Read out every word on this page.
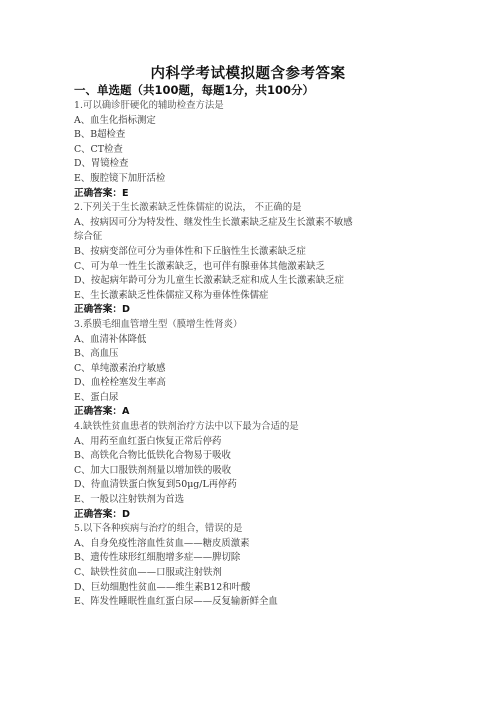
内科学考试模拟题含参考答案
一、单选题（共100题，每题1分，共100分）
1.可以确诊肝硬化的辅助检查方法是
A、血生化指标测定
B、B超检查
C、CT检查
D、胃镜检查
E、腹腔镜下加肝活检
正确答案：E
2.下列关于生长激素缺乏性侏儒症的说法， 不正确的是
A、按病因可分为特发性、继发性生长激素缺乏症及生长激素不敏感
综合征
B、按病变部位可分为垂体性和下丘脑性生长激素缺乏症
C、可为单一性生长激素缺乏，也可伴有腺垂体其他激素缺乏
D、按起病年龄可分为儿童生长激素缺乏症和成人生长激素缺乏症
E、生长激素缺乏性侏儒症又称为垂体性侏儒症
正确答案：D
3.系膜毛细血管增生型（膜增生性肾炎）
A、血清补体降低
B、高血压
C、单纯激素治疗敏感
D、血栓栓塞发生率高
E、蛋白尿
正确答案：A
4.缺铁性贫血患者的铁剂治疗方法中以下最为合适的是
A、用药至血红蛋白恢复正常后停药
B、高铁化合物比低铁化合物易于吸收
C、加大口服铁剂剂量以增加铁的吸收
D、待血清铁蛋白恢复到50μg/L再停药
E、一般以注射铁剂为首选
正确答案：D
5.以下各种疾病与治疗的组合，错误的是
A、自身免疫性溶血性贫血——糖皮质激素
B、遗传性球形红细胞增多症——脾切除
C、缺铁性贫血——口服或注射铁剂
D、巨幼细胞性贫血——维生素B12和叶酸
E、阵发性睡眠性血红蛋白尿——反复输新鲜全血
